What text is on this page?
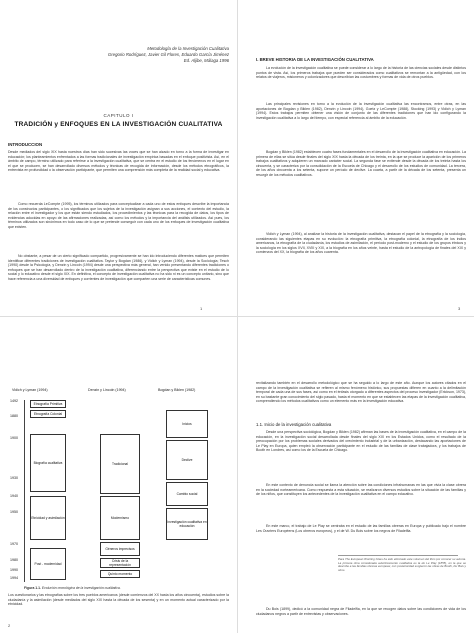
Metodología de la Investigación Cualitativa
Gregorio Rodríguez, Javier Gil Flores, Eduardo García Jiménez
Ed. Aljibe, Málaga 1996
CAPITULO I
TRADICIÓN y ENFOQUES EN LA INVESTIGACIÓN CUALITATIVA
INTRODUCCION
Desde mediados del siglo XIX hasta nuestros días han sido sucesivas las voces que se han alzado en torno a la forma de investigar en educación; los planteamientos enfrentados a las formas tradicionales de investigación empírica basadas en el enfoque positivista. Así, en el ámbito de campo, término utilizado para referirse a la investigación cualitativa, que se centra en el estudio de los fenómenos en el lugar en el que se producen, se han desarrollado diversos métodos y técnicas de recogida de información, desde los métodos etnográficos, la entrevista en profundidad o la observación participante, que permiten una comprensión más completa de la realidad social y educativa.
Como recuerda LeCompte (1995), los términos utilizados para conceptualizar a cada uno de estos enfoques describe la importancia de los constructos participantes, o los significados que los sujetos de la investigación asignan a sus acciones, el contexto del estudio, la relación entre el investigador y los que están siendo estudiados, los procedimientos y las técnicas para la recogida de datos, los tipos de evidencias aducidas en apoyo de las afirmaciones realizadas, así como los métodos y la importancia del análisis utilizados. Así pues, los términos utilizados son sinónimos en todo caso de lo que se pretende conseguir con cada uno de los enfoques de investigación cualitativa que existen.
No obstante, a pesar de un cierto significado compartido, progresivamente se han ido introduciendo diferentes matices que permiten identificar diferentes tradiciones de investigación cualitativa. Taylor y Bogdan (1986), y Vidich y Lyman (1994), desde la Sociología; Tesch (1990) desde la Psicología, y Denzin y Lincoln (1994) desde una perspectiva más general, han venido presentando diferentes tradiciones o enfoques que se han desarrollado dentro de la investigación cualitativa, diferenciando entre la perspectiva que existe en el estudio de lo social y lo educativo desde el siglo XIX. En definitiva, el concepto de investigación cualitativa no ha sido ni es un concepto unitario, sino que hace referencia a una diversidad de enfoques y corrientes de investigación que comparten una serie de características comunes.
1
I. BREVE HISTORIA DE LA INVESTIGACIÓN CUALITATIVA
La evolución de la investigación cualitativa se puede considerar a lo largo de la historia de las ciencias sociales desde distintos puntos de vista. Así, los primeros trabajos que pueden ser considerados como cualitativos se remontan a la antigüedad, con los relatos de viajeros, misioneros y colonizadores que describían las costumbres y formas de vida de otros pueblos.
Las principales revisiones en torno a la evolución de la investigación cualitativa las encontramos, entre otras, en las aportaciones de Bogdan y Biklen (1982), Denzin y Lincoln (1994), Goetz y LeCompte (1988), Stocking (1993) y Vidich y Lyman (1994). Estos trabajos permiten obtener una visión de conjunto de las diferentes tradiciones que han ido configurando la investigación cualitativa a lo largo del tiempo, con especial referencia al ámbito de la educación.
Bogdan y Biklen (1982) establecen cuatro fases fundamentales en el desarrollo de la investigación cualitativa en educación. La primera de ellas se sitúa desde finales del siglo XIX hasta la década de los treinta, en la que se produce la aparición de los primeros trabajos cualitativos y adquieren un marcado carácter social. La segunda fase se extiende desde la década de los treinta hasta los cincuenta, y se caracteriza por la consolidación de la Escuela de Chicago y el desarrollo de los estudios de comunidad. La tercera, de los años cincuenta a los setenta, supone un período de declive. La cuarta, a partir de la década de los setenta, presenta un resurgir de los métodos cualitativos.
Vidich y Lyman (1994), al analizar la historia de la investigación cualitativa, destacan el papel de la etnografía y la sociología, considerando las siguientes etapas en su evolución: la etnografía primitiva, la etnografía colonial, la etnografía de los indios americanos, la etnografía de la ciudadanía, los estudios de asimilación, el período post-moderno y el estudio de los grupos étnicos y la sociología en los siglos XVII, XVIII y XIX, a la biografía en los años veinte, hasta el estudio de la antropología de finales del XIX y comienzos del XX, la biografía de los años cuarenta.
3
Los cuestionarios y las etnografías sobre los tres pueblos americanos (desde comienzos del XX hasta los años cincuenta), estudios sobre la ciudadanía y la asimilación (desde mediados del siglo XIX hasta la década de los sesenta) y en un momento actual caracterizado por la etnicidad.
Vidich y Lyman (1994)	Denzin y Lincoln (1994)	Bogdan y Biklen (1982)
1492
1880
1900
1930
1940
1950
1970
1980
1990
1994
Etnografía Primitiva
Etnografía Colonial
Biografía cualitativa
Etnicidad y asimilación
Post - modernidad
Tradicional
Modernismo
Géneros imprecisos
Crisis de la representación
Quinto momento
Inicios
Declive
Cambio social
Investigación cualitativa en educación
Figura 1.1. Evolución cronológica de la investigación cualitativa.
2
revitalizando también en el desarrollo metodológico que se ha seguido a lo largo de este año. Aunque los autores citados en el campo de la investigación cualitativa se refieren al mismo fenómeno histórico, sus propuestas difieren en cuanto a la delimitación temporal de cada una de sus fases, así como en el énfasis otorgado a diferentes aspectos del proceso investigador (Erickson, 1973), en su bastante gran conocimiento del siglo pasado, hasta el momento en que se establecen las etapas de la investigación cualitativa, comprendiendo los métodos cualitativos como un elemento más en la investigación educativa.
1.1. Inicio de la investigación cualitativa
Desde una perspectiva sociológica, Bogdan y Biklen (1982) afirman las bases de la investigación cualitativa, en el campo de la educación, en la investigación social desarrollada desde finales del siglo XIX en los Estados Unidos, como el resultado de la preocupación por los problemas sociales derivados del crecimiento industrial y de la urbanización, destacando las aportaciones de Le Play en Europa, quien empleó la observación participante en el estudio de las familias de clase trabajadora, y los trabajos de Booth en Londres, así como los de la Escuela de Chicago.
En este contexto de denuncia social se llama la atención sobre las condiciones infrahumanas en las que vivía la clase obrera en la sociedad norteamericana. Como respuesta a esta situación, se realizaron diversos estudios sobre la situación de las familias y de los niños, que constituyen los antecedentes de la investigación cualitativa en el campo educativo.
En este marco, el trabajo de Le Play se centraba en el estudio de las familias obreras en Europa y publicado bajo el nombre Les Ouvriers Européens (Los obreros europeos), y el de W. Du Bois sobre los negros de Filadelfia.
Para The European Working Class ha sido eliminado este volumen del libro por conocer su autoría. La primera obra considerada auténticamente cualitativa es la de Le Play (1855), en la que se describe a las familias obreras europeas; con posterioridad surgieron las obras de Booth, Du Bois y otros.
Du Bois (1899), dedicó a la comunidad negra de Filadelfia, en la que se recogen datos sobre las condiciones de vida de los ciudadanos negros a partir de entrevistas y observaciones.
